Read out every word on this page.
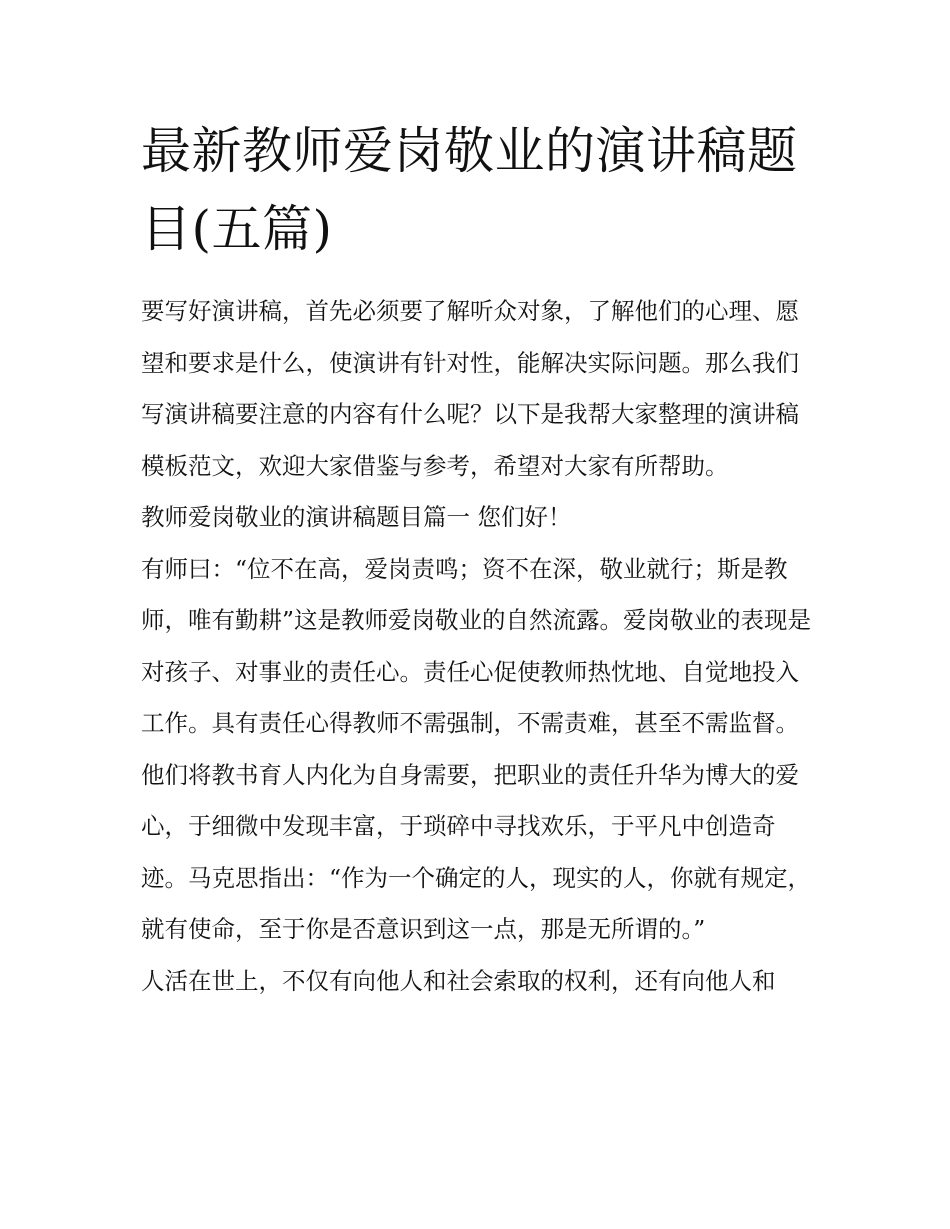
最新教师爱岗敬业的演讲稿题目(五篇)

要写好演讲稿，首先必须要了解听众对象，了解他们的心理、愿望和要求是什么，使演讲有针对性，能解决实际问题。那么我们写演讲稿要注意的内容有什么呢？以下是我帮大家整理的演讲稿模板范文，欢迎大家借鉴与参考，希望对大家有所帮助。

教师爱岗敬业的演讲稿题目篇一 您们好！

有师曰：“位不在高，爱岗责鸣；资不在深，敬业就行；斯是教师，唯有勤耕”这是教师爱岗敬业的自然流露。爱岗敬业的表现是对孩子、对事业的责任心。责任心促使教师热忱地、自觉地投入工作。具有责任心得教师不需强制，不需责难，甚至不需监督。他们将教书育人内化为自身需要，把职业的责任升华为博大的爱心，于细微中发现丰富，于琐碎中寻找欢乐，于平凡中创造奇迹。马克思指出：“作为一个确定的人，现实的人，你就有规定，就有使命，至于你是否意识到这一点，那是无所谓的。”

人活在世上，不仅有向他人和社会索取的权利，还有向他人和
